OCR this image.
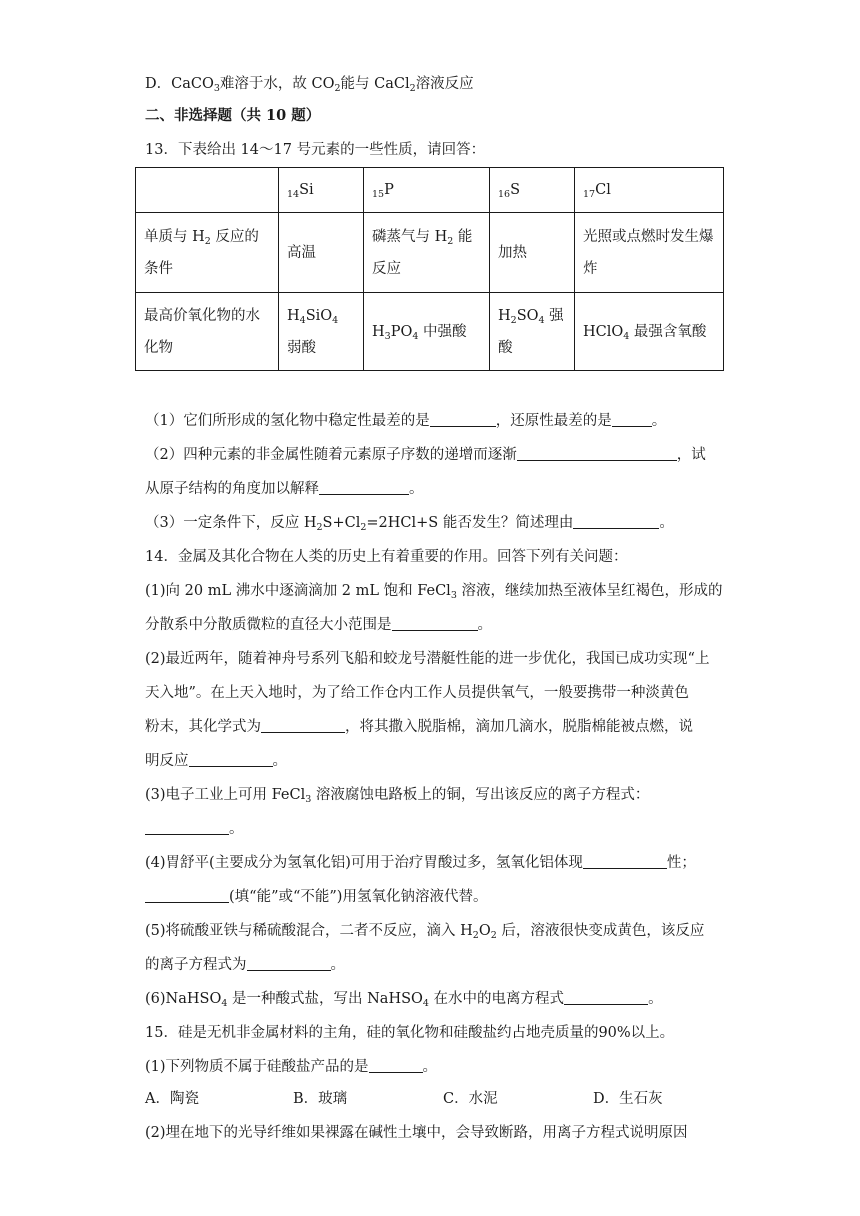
D．CaCO$_3$难溶于水，故 $CO_2$能与 CaCl$_2$溶液反应
二、非选择题（共 10 题）
13．下表给出 14～17 号元素的一些性质，请回答：
	$_{14}$Si	$_{15}$P	$_{16}$S	$_{17}$Cl
单质与 $H_2$ 反应的条件	高温	磷蒸气与 $H_2$ 能反应	加热	光照或点燃时发生爆炸
最高价氧化物的水化物	$H_4SiO_4$ 弱酸	$H_3PO_4$ 中强酸	$H_2SO_4$ 强酸	HClO$_4$ 最强含氧酸
（1）它们所形成的氢化物中稳定性最差的是	，还原性最差的是	。
（2）四种元素的非金属性随着元素原子序数的递增而逐渐	，试
从原子结构的角度加以解释	。
（3）一定条件下，反应 $H_2S+Cl_2=2HCl+S$ 能否发生？简述理由	。
14．金属及其化合物在人类的历史上有着重要的作用。回答下列有关问题：
(1)向 20 mL 沸水中逐滴滴加 2 mL 饱和 FeCl$_3$ 溶液，继续加热至液体呈红褐色，形成的
分散系中分散质微粒的直径大小范围是	。
(2)最近两年，随着神舟号系列飞船和蛟龙号潜艇性能的进一步优化，我国已成功实现“上
天入地”。在上天入地时，为了给工作仓内工作人员提供氧气，一般要携带一种淡黄色
粉末，其化学式为	，将其撒入脱脂棉，滴加几滴水，脱脂棉能被点燃，说
明反应	。
(3)电子工业上可用 FeCl$_3$ 溶液腐蚀电路板上的铜，写出该反应的离子方程式：
。
(4)胃舒平(主要成分为氢氧化铝)可用于治疗胃酸过多，氢氧化铝体现	性；
(填“能”或“不能”)用氢氧化钠溶液代替。
(5)将硫酸亚铁与稀硫酸混合，二者不反应，滴入 $H_2O_2$ 后，溶液很快变成黄色，该反应
的离子方程式为	。
(6)NaHSO$_4$ 是一种酸式盐，写出 NaHSO$_4$ 在水中的电离方程式	。
15．硅是无机非金属材料的主角，硅的氧化物和硅酸盐约占地壳质量的90%以上。
(1)下列物质不属于硅酸盐产品的是	。
A．陶瓷	B．玻璃	C．水泥	D．生石灰
(2)埋在地下的光导纤维如果裸露在碱性土壤中，会导致断路，用离子方程式说明原因
